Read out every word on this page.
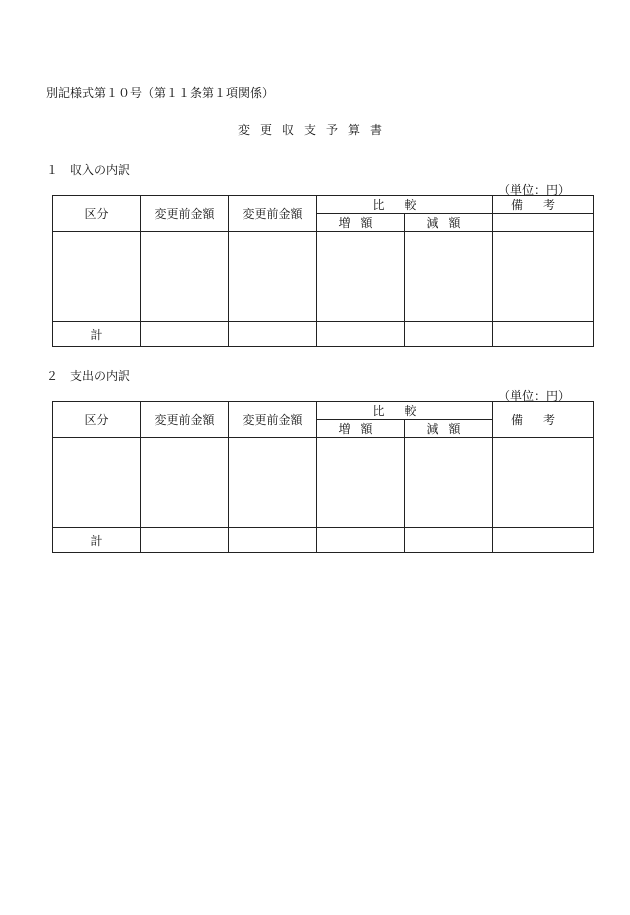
別記様式第１０号（第１１条第１項関係）
変更収支予算書
１　収入の内訳
（単位：円）
区分	変更前金額	変更前金額	比較		備考
			増額	減額	

計					
２　支出の内訳
（単位：円）
区分	変更前金額	変更前金額	比較		備考
			増額	減額	

計					
